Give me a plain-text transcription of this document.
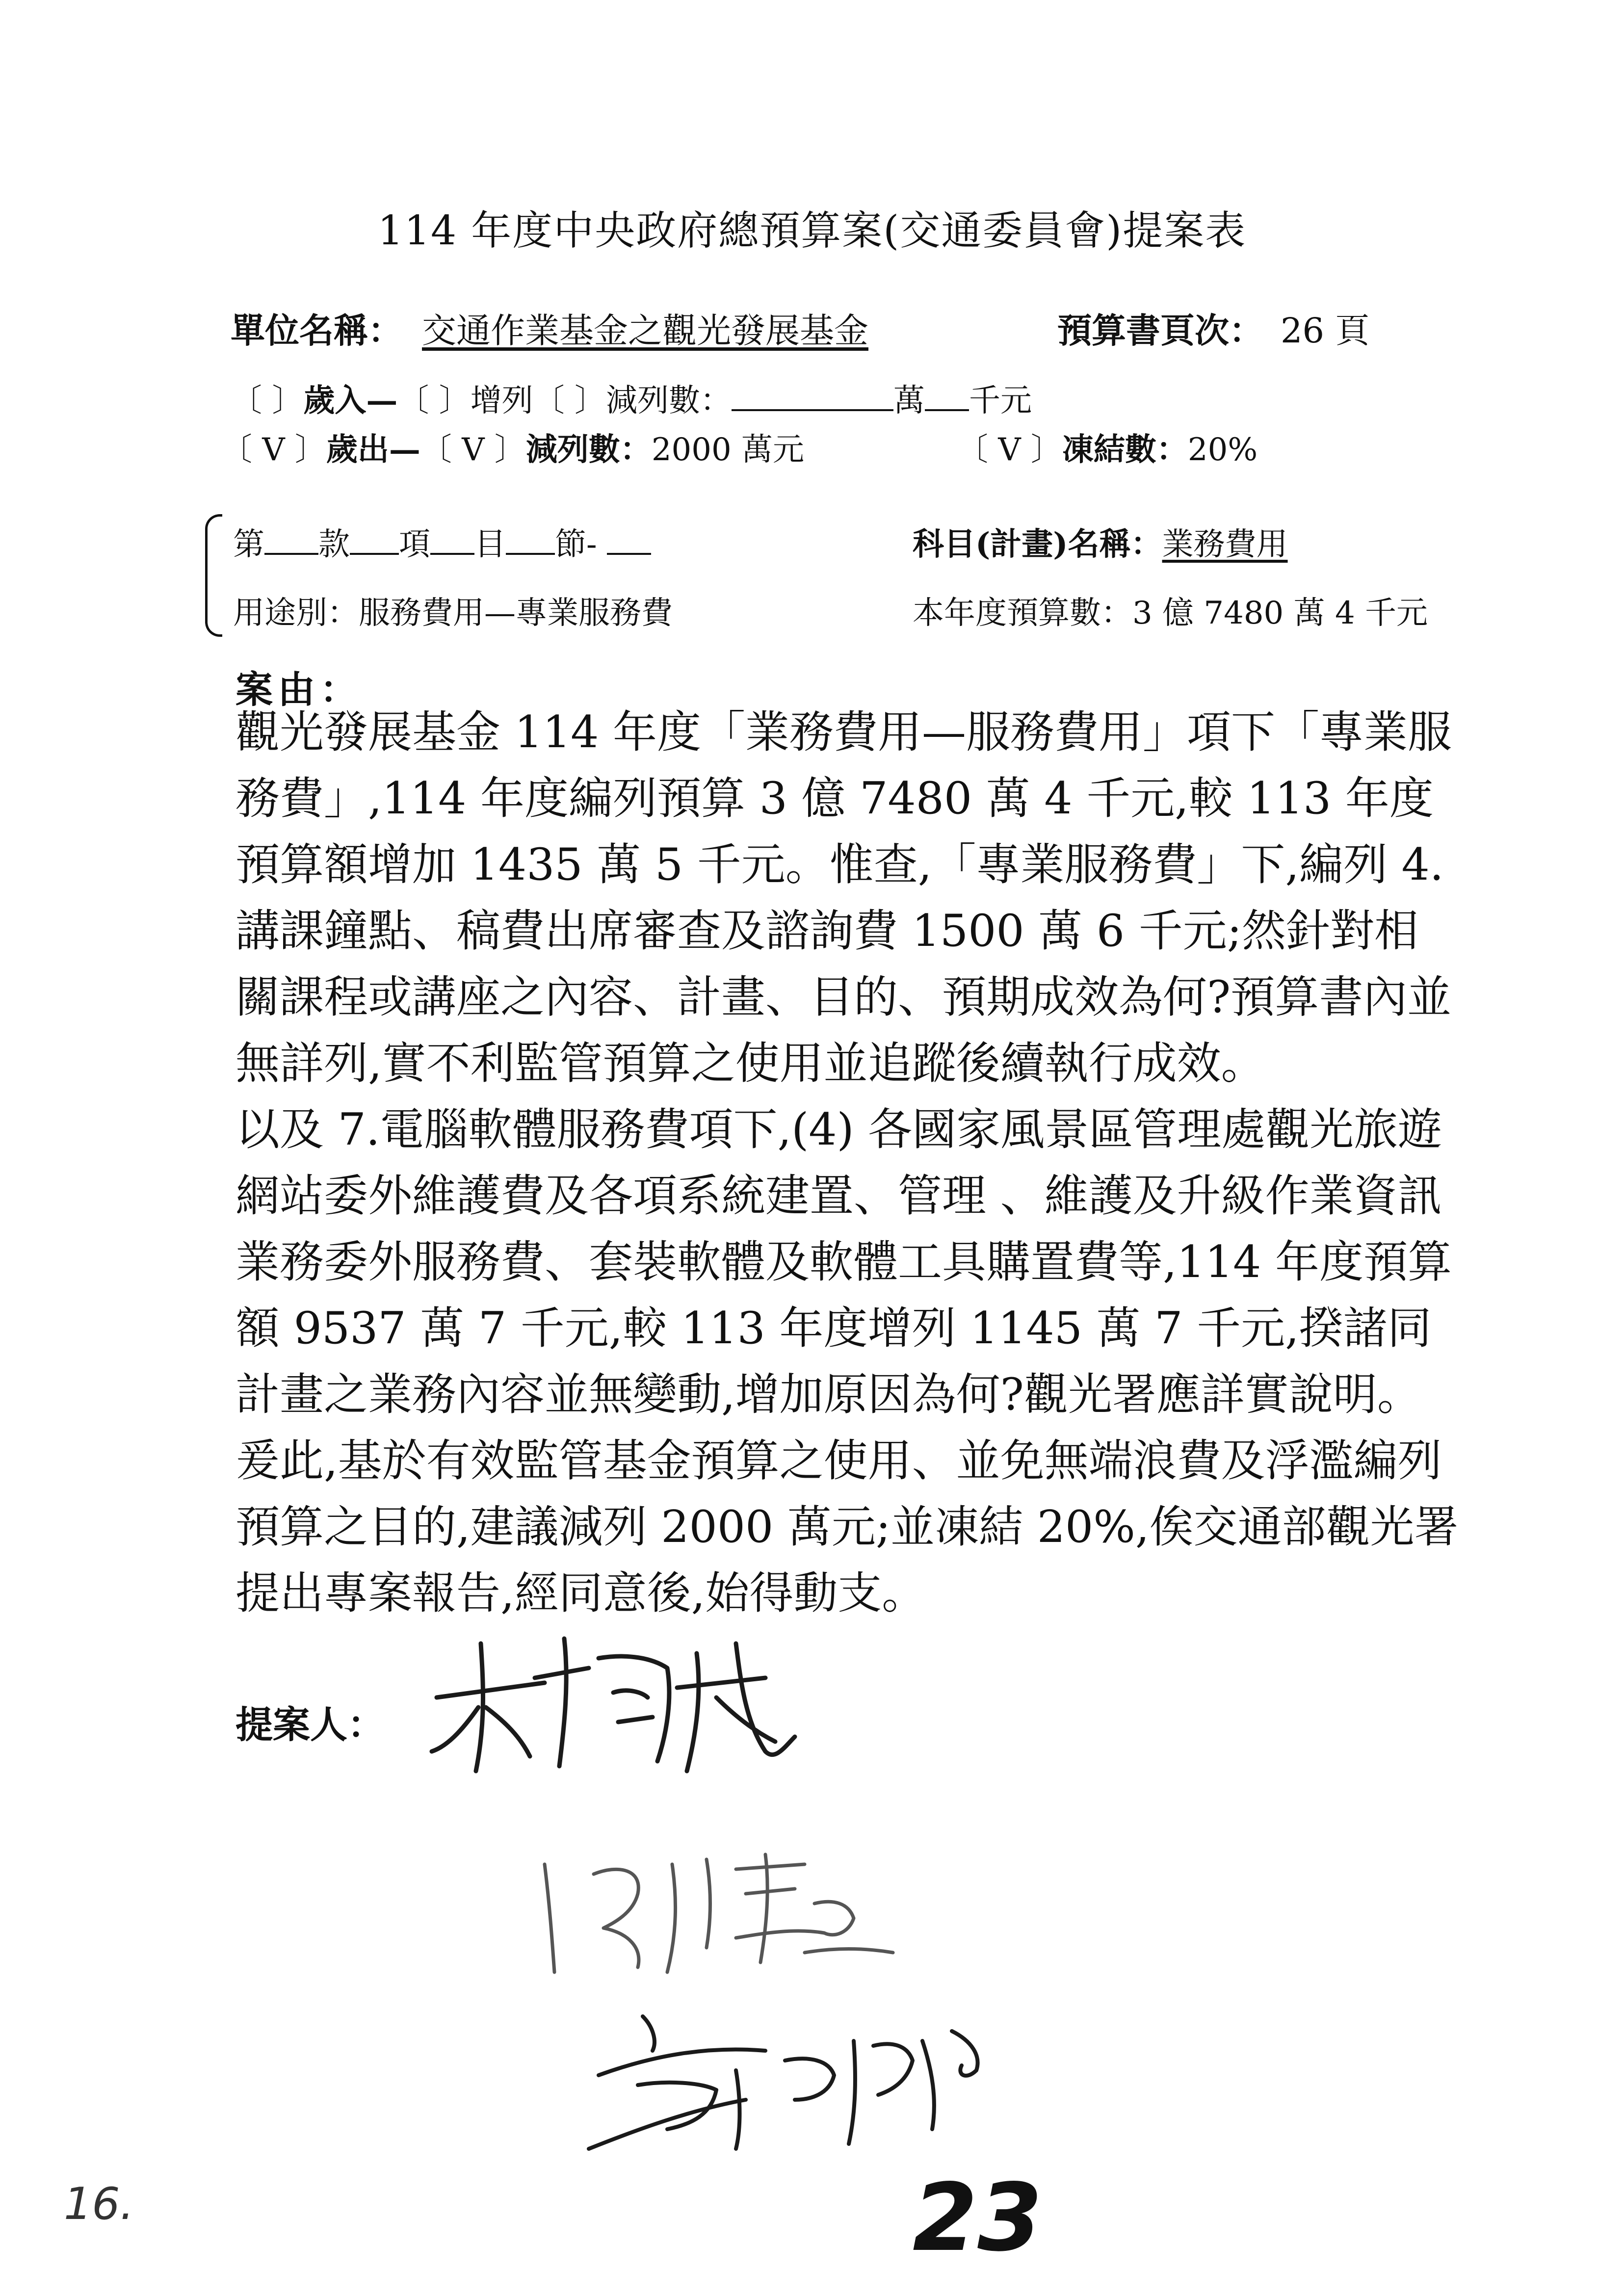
114 年度中央政府總預算案(交通委員會)提案表
單位名稱： 交通作業基金之觀光發展基金	預算書頁次： 26 頁
〔 〕歲入—〔 〕增列〔 〕減列數：	萬 千元
〔 V 〕歲出—〔 V 〕減列數：2000 萬元	〔 V 〕凍結數：20%
第 款 項 目 節-	科目(計畫)名稱：業務費用
用途別：服務費用—專業服務費	本年度預算數：3 億 7480 萬 4 千元
案由：

觀光發展基金 114 年度「業務費用—服務費用」項下「專業服務費」,114 年度編列預算 3 億 7480 萬 4 千元,較 113 年度預算額增加 1435 萬 5 千元。惟查,「專業服務費」下,編列 4.講課鐘點、稿費出席審查及諮詢費 1500 萬 6 千元;然針對相關課程或講座之內容、計畫、目的、預期成效為何?預算書內並無詳列,實不利監管預算之使用並追蹤後續執行成效。

以及 7.電腦軟體服務費項下,(4) 各國家風景區管理處觀光旅遊網站委外維護費及各項系統建置、管理 、維護及升級作業資訊業務委外服務費、套裝軟體及軟體工具購置費等,114 年度預算額 9537 萬 7 千元,較 113 年度增列 1145 萬 7 千元,揆諸同計畫之業務內容並無變動,增加原因為何?觀光署應詳實說明。爰此,基於有效監管基金預算之使用、並免無端浪費及浮濫編列預算之目的,建議減列 2000 萬元;並凍結 20%,俟交通部觀光署提出專案報告,經同意後,始得動支。

提案人：
16.	23
